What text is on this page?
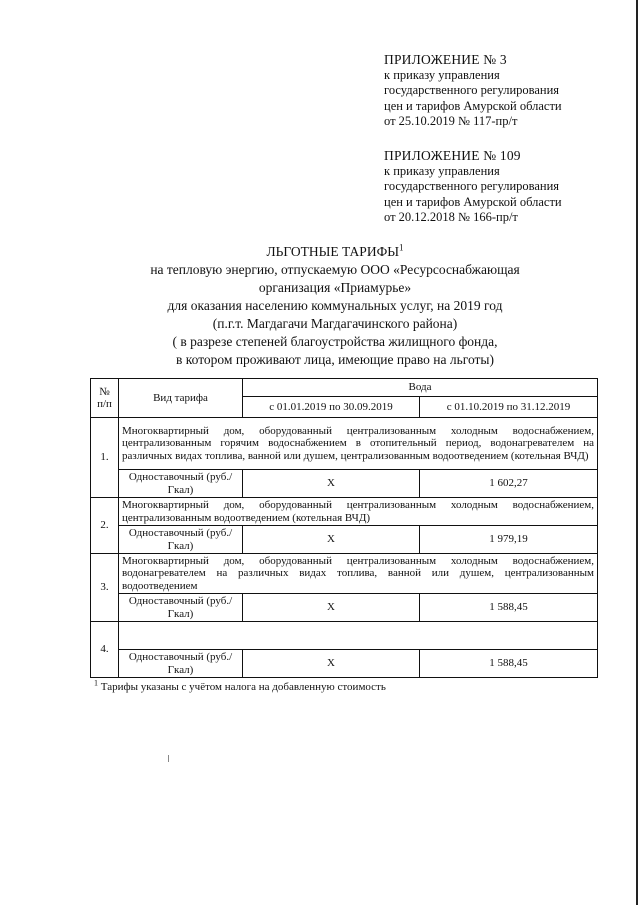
ПРИЛОЖЕНИЕ № 3
к приказу управления
государственного регулирования
цен и тарифов Амурской области
от 25.10.2019 № 117-пр/т
ПРИЛОЖЕНИЕ № 109
к приказу управления
государственного регулирования
цен и тарифов Амурской области
от 20.12.2018 № 166-пр/т
ЛЬГОТНЫЕ ТАРИФЫ$^1$
на тепловую энергию, отпускаемую ООО «Ресурсоснабжающая
организация «Приамурье»
для оказания населению коммунальных услуг, на 2019 год
(п.г.т. Магдагачи Магдагачинского района)
( в разрезе степеней благоустройства жилищного фонда,
в котором проживают лица, имеющие право на льготы)
№ п/п	Вид тарифа	Вода	
		с 01.01.2019 по 30.09.2019	с 01.10.2019 по 31.12.2019
1.	Многоквартирный дом, оборудованный централизованным холодным водоснабжением, централизованным горячим водоснабжением в отопительный период, водонагревателем на различных видах топлива, ванной или душем, централизованным водоотведением (котельная ВЧД)		
	Одноставочный (руб./Гкал)	Х	1 602,27
2.	Многоквартирный дом, оборудованный централизованным холодным водоснабжением, централизованным водоотведением (котельная ВЧД)		
	Одноставочный (руб./Гкал)	Х	1 979,19
3.	Многоквартирный дом, оборудованный централизованным холодным водоснабжением, водонагревателем на различных видах топлива, ванной или душем, централизованным водоотведением		
	Одноставочный (руб./Гкал)	Х	1 588,45
4.			
	Одноставочный (руб./Гкал)	Х	1 588,45
$^1$ Тарифы указаны с учётом налога на добавленную стоимость
